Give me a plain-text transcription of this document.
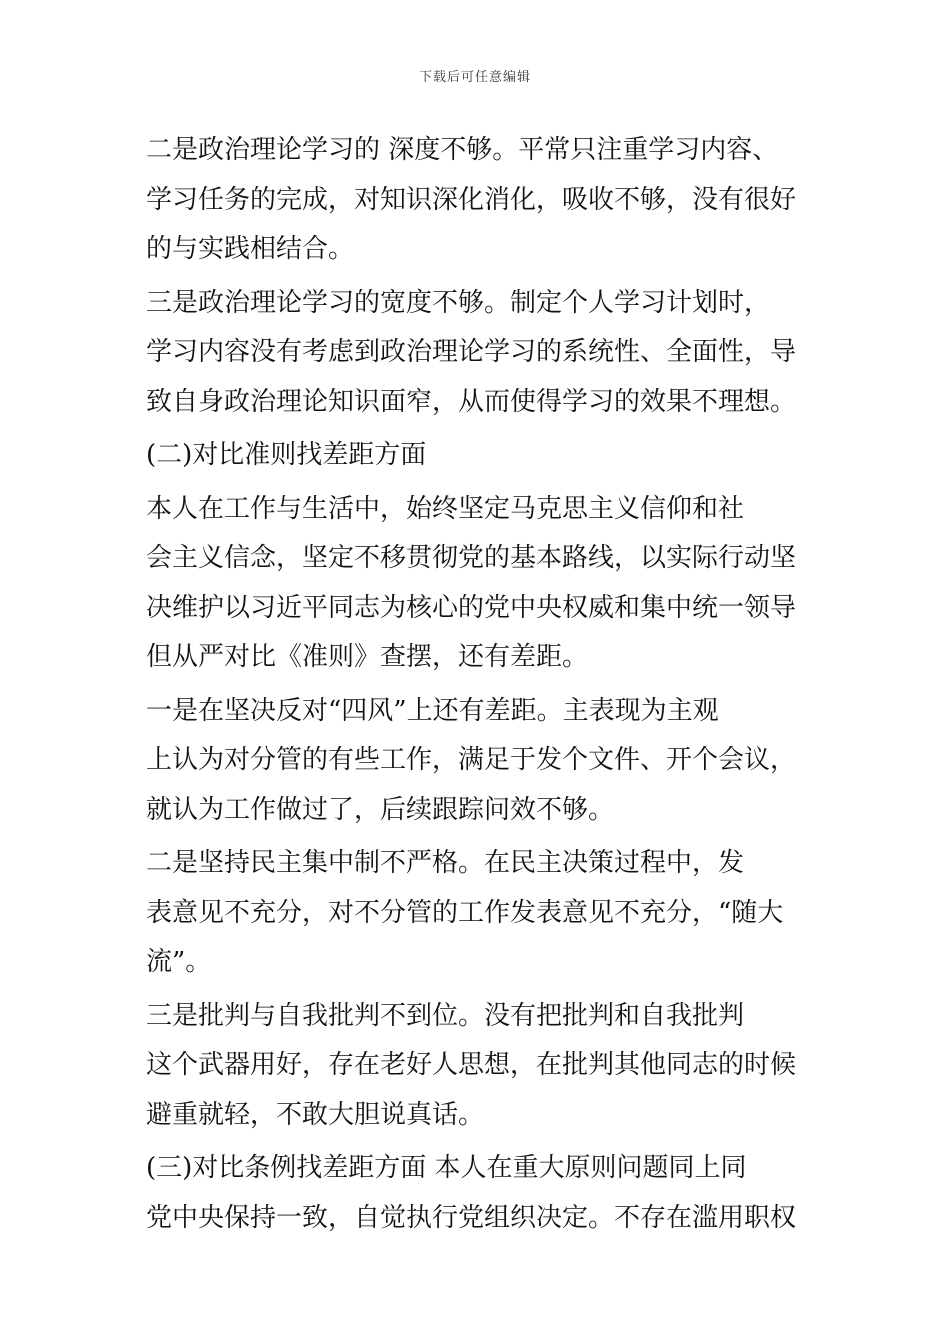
下载后可任意编辑

二是政治理论学习的 深度不够。平常只注重学习内容、
学习任务的完成，对知识深化消化，吸收不够，没有很好
的与实践相结合。

三是政治理论学习的宽度不够。制定个人学习计划时，
学习内容没有考虑到政治理论学习的系统性、全面性，导
致自身政治理论知识面窄，从而使得学习的效果不理想。

(二)对比准则找差距方面

本人在工作与生活中，始终坚定马克思主义信仰和社
会主义信念，坚定不移贯彻党的基本路线，以实际行动坚
决维护以习近平同志为核心的党中央权威和集中统一领导
但从严对比《准则》查摆，还有差距。

一是在坚决反对“四风”上还有差距。主表现为主观
上认为对分管的有些工作，满足于发个文件、开个会议，
就认为工作做过了，后续跟踪问效不够。

二是坚持民主集中制不严格。在民主决策过程中，发
表意见不充分，对不分管的工作发表意见不充分，“随大
流”。

三是批判与自我批判不到位。没有把批判和自我批判
这个武器用好，存在老好人思想，在批判其他同志的时候
避重就轻，不敢大胆说真话。

(三)对比条例找差距方面 本人在重大原则问题同上同
党中央保持一致，自觉执行党组织决定。不存在滥用职权
